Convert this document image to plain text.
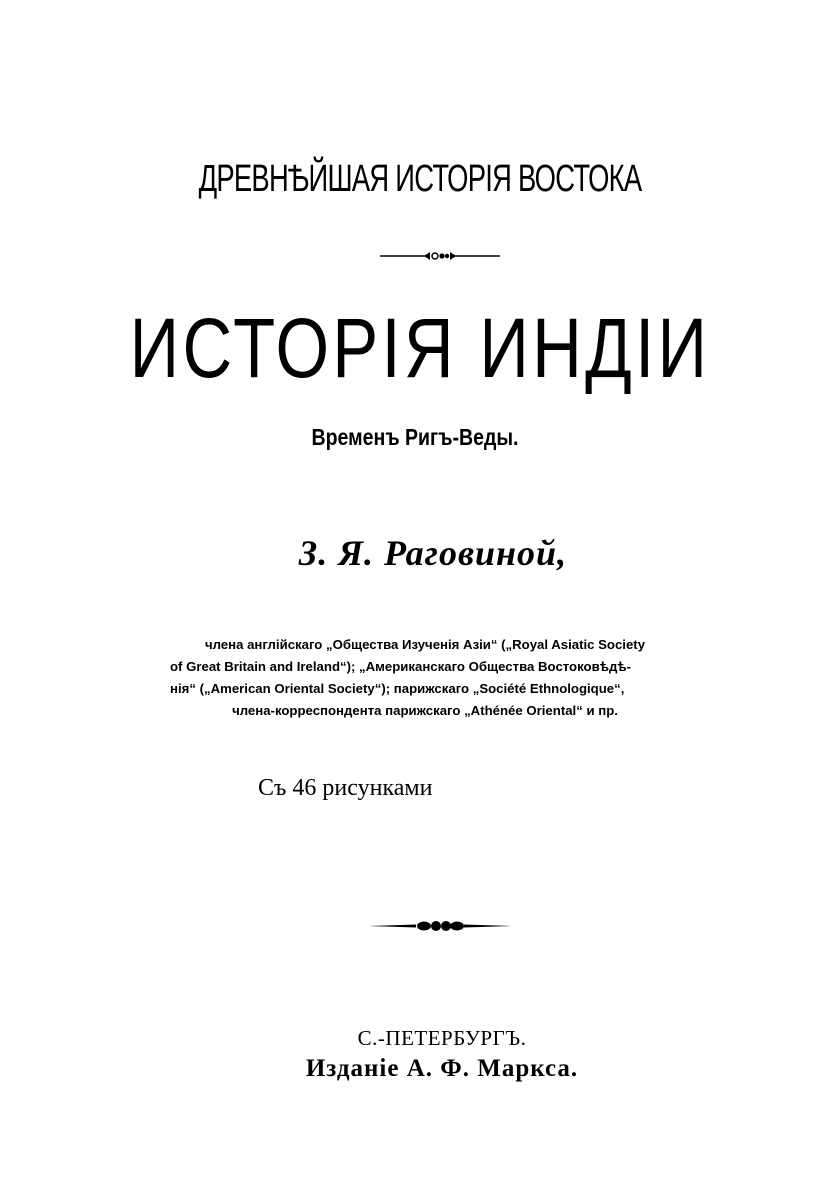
ДРЕВНѢЙШАЯ ИСТОРІЯ ВОСТОКА
ИСТОРІЯ ИНДІИ
Временъ Ригъ-Веды.
З. Я. Раговиной,
члена англійскаго „Общества Изученія Азіи“ („Royal Asiatic Society
of Great Britain and Ireland“); „Американскаго Общества Востоковѣдѣ-
нія“ („American Oriental Society“); парижскаго „Société Ethnologique“,
члена-корреспондента парижскаго „Athénée Oriental“ и пр.
Съ 46 рисунками
С.-ПЕТЕРБУРГЪ.
Изданіе А. Ф. Маркса.
